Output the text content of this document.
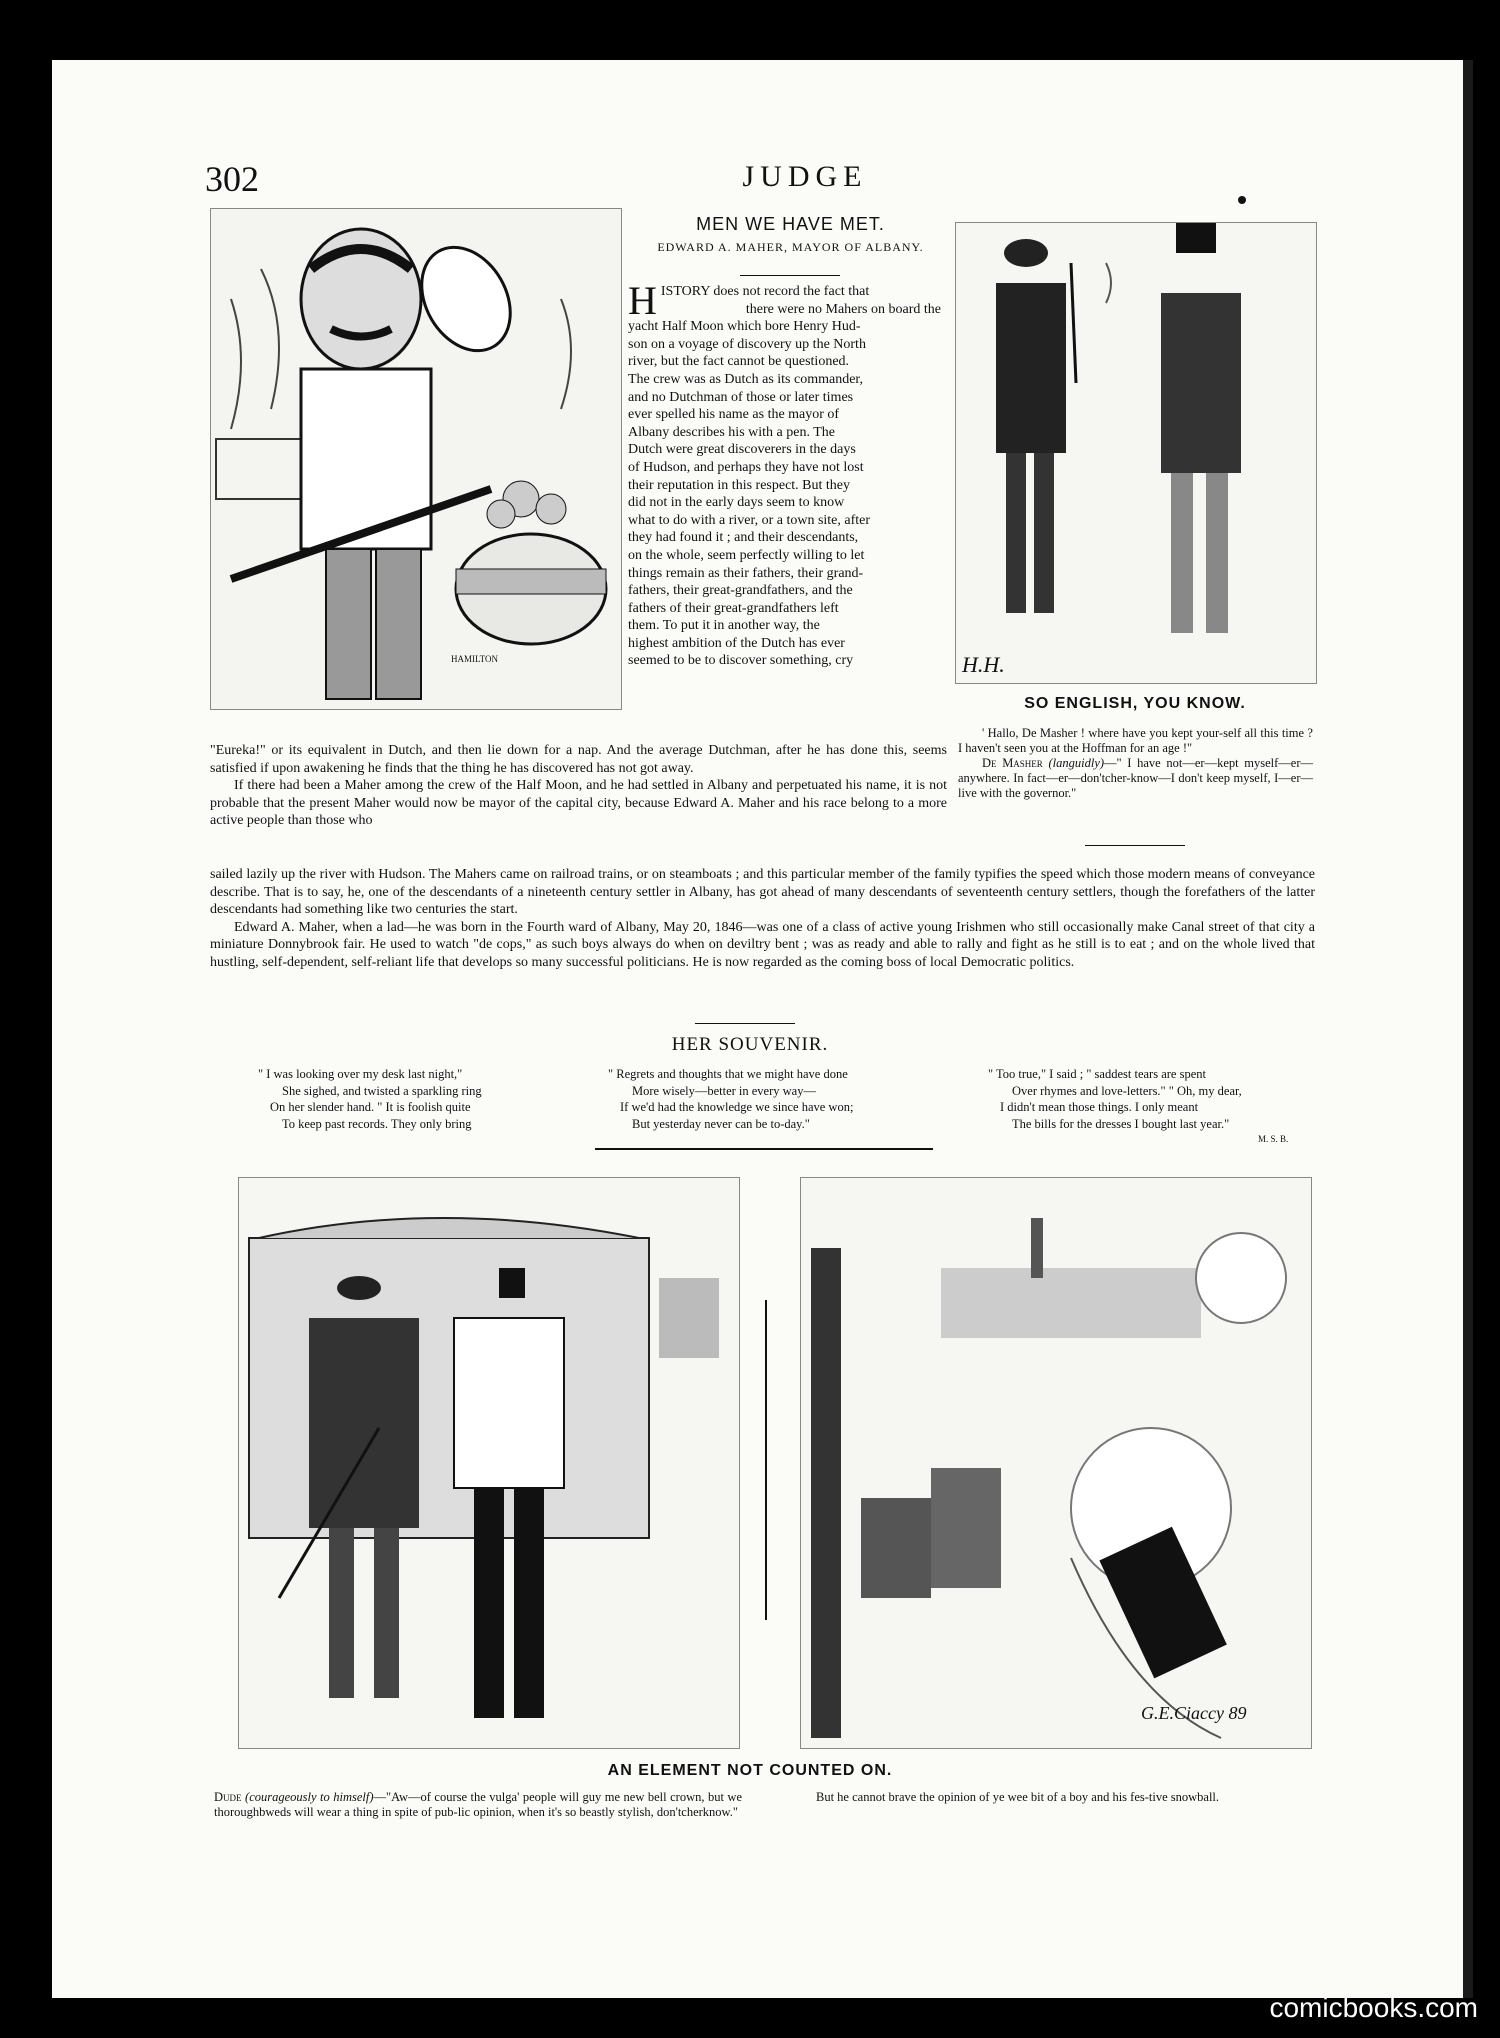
302	JUDGE
HAMILTON
MEN WE HAVE MET.
EDWARD A. MAHER, MAYOR OF ALBANY.
H ISTORY does not record the fact that
there were no Mahers on board the
yacht Half Moon which bore Henry Hud-
son on a voyage of discovery up the North
river, but the fact cannot be questioned.
The crew was as Dutch as its commander,
and no Dutchman of those or later times
ever spelled his name as the mayor of
Albany describes his with a pen. The
Dutch were great discoverers in the days
of Hudson, and perhaps they have not lost
their reputation in this respect. But they
did not in the early days seem to know
what to do with a river, or a town site, after
they had found it ; and their descendants,
on the whole, seem perfectly willing to let
things remain as their fathers, their grand-
fathers, their great-grandfathers, and the
fathers of their great-grandfathers left
them. To put it in another way, the
highest ambition of the Dutch has ever
seemed to be to discover something, cry

"Eureka!" or its equivalent in Dutch, and then lie down for a nap. And the average Dutchman, after he has done this, seems satisfied if upon awakening he finds that the thing he has discovered has not got away.

If there had been a Maher among the crew of the Half Moon, and he had settled in Albany and perpetuated his name, it is not probable that the present Maher would now be mayor of the capital city, because Edward A. Maher and his race belong to a more active people than those who

sailed lazily up the river with Hudson. The Mahers came on railroad trains, or on steamboats ; and this particular member of the family typifies the speed which those modern means of conveyance describe. That is to say, he, one of the descendants of a nineteenth century settler in Albany, has got ahead of many descendants of seventeenth century settlers, though the forefathers of the latter descendants had something like two centuries the start.

Edward A. Maher, when a lad—he was born in the Fourth ward of Albany, May 20, 1846—was one of a class of active young Irishmen who still occasionally make Canal street of that city a miniature Donnybrook fair. He used to watch "de cops," as such boys always do when on deviltry bent ; was as ready and able to rally and fight as he still is to eat ; and on the whole lived that hustling, self-dependent, self-reliant life that develops so many successful politicians. He is now regarded as the coming boss of local Democratic politics.

H.H.
SO ENGLISH, YOU KNOW.

' Hallo, De Masher ! where have you kept your-self all this time ? I haven't seen you at the Hoffman for an age !"

De Masher (languidly)—" I have not—er—kept myself—er—anywhere. In fact—er—don'tcher-know—I don't keep myself, I—er—live with the governor."

HER SOUVENIR.
" I was looking over my desk last night,"
She sighed, and twisted a sparkling ring
On her slender hand. " It is foolish quite
To keep past records. They only bring
" Regrets and thoughts that we might have done
More wisely—better in every way—
If we'd had the knowledge we since have won;
But yesterday never can be to-day."
" Too true," I said ; " saddest tears are spent
Over rhymes and love-letters." " Oh, my dear,
I didn't mean those things. I only meant
The bills for the dresses I bought last year."
M. S. B.
G.E.Ciaccy 89
AN ELEMENT NOT COUNTED ON.

Dude (courageously to himself)—"Aw—of course the vulga' people will guy me new bell crown, but we thoroughbweds will wear a thing in spite of pub-lic opinion, when it's so beastly stylish, don'tcherknow."

But he cannot brave the opinion of ye wee bit of a boy and his fes-tive snowball.

comicbooks.com
